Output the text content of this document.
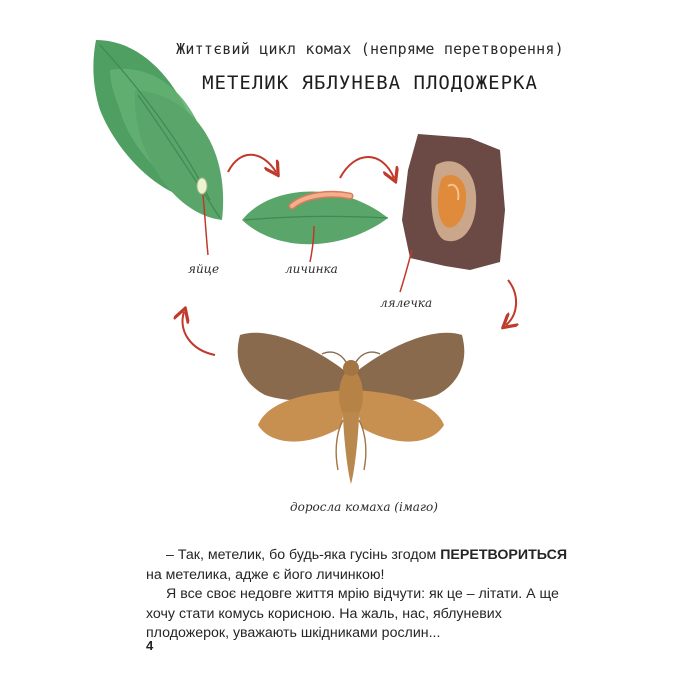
Життєвий цикл комах (непряме перетворення)
МЕТЕЛИК ЯБЛУНЕВА ПЛОДОЖЕРКА
яйце	личинка
лялечка
доросла комаха (імаго)

– Так, метелик, бо будь-яка гусінь згодом ПЕРЕТВОРИТЬСЯ на метелика, адже є його личинкою!

Я все своє недовге життя мрію відчути: як це – літати. А ще хочу стати комусь корисною. На жаль, нас, яблуневих плодожерок, уважають шкідниками рослин...

4
